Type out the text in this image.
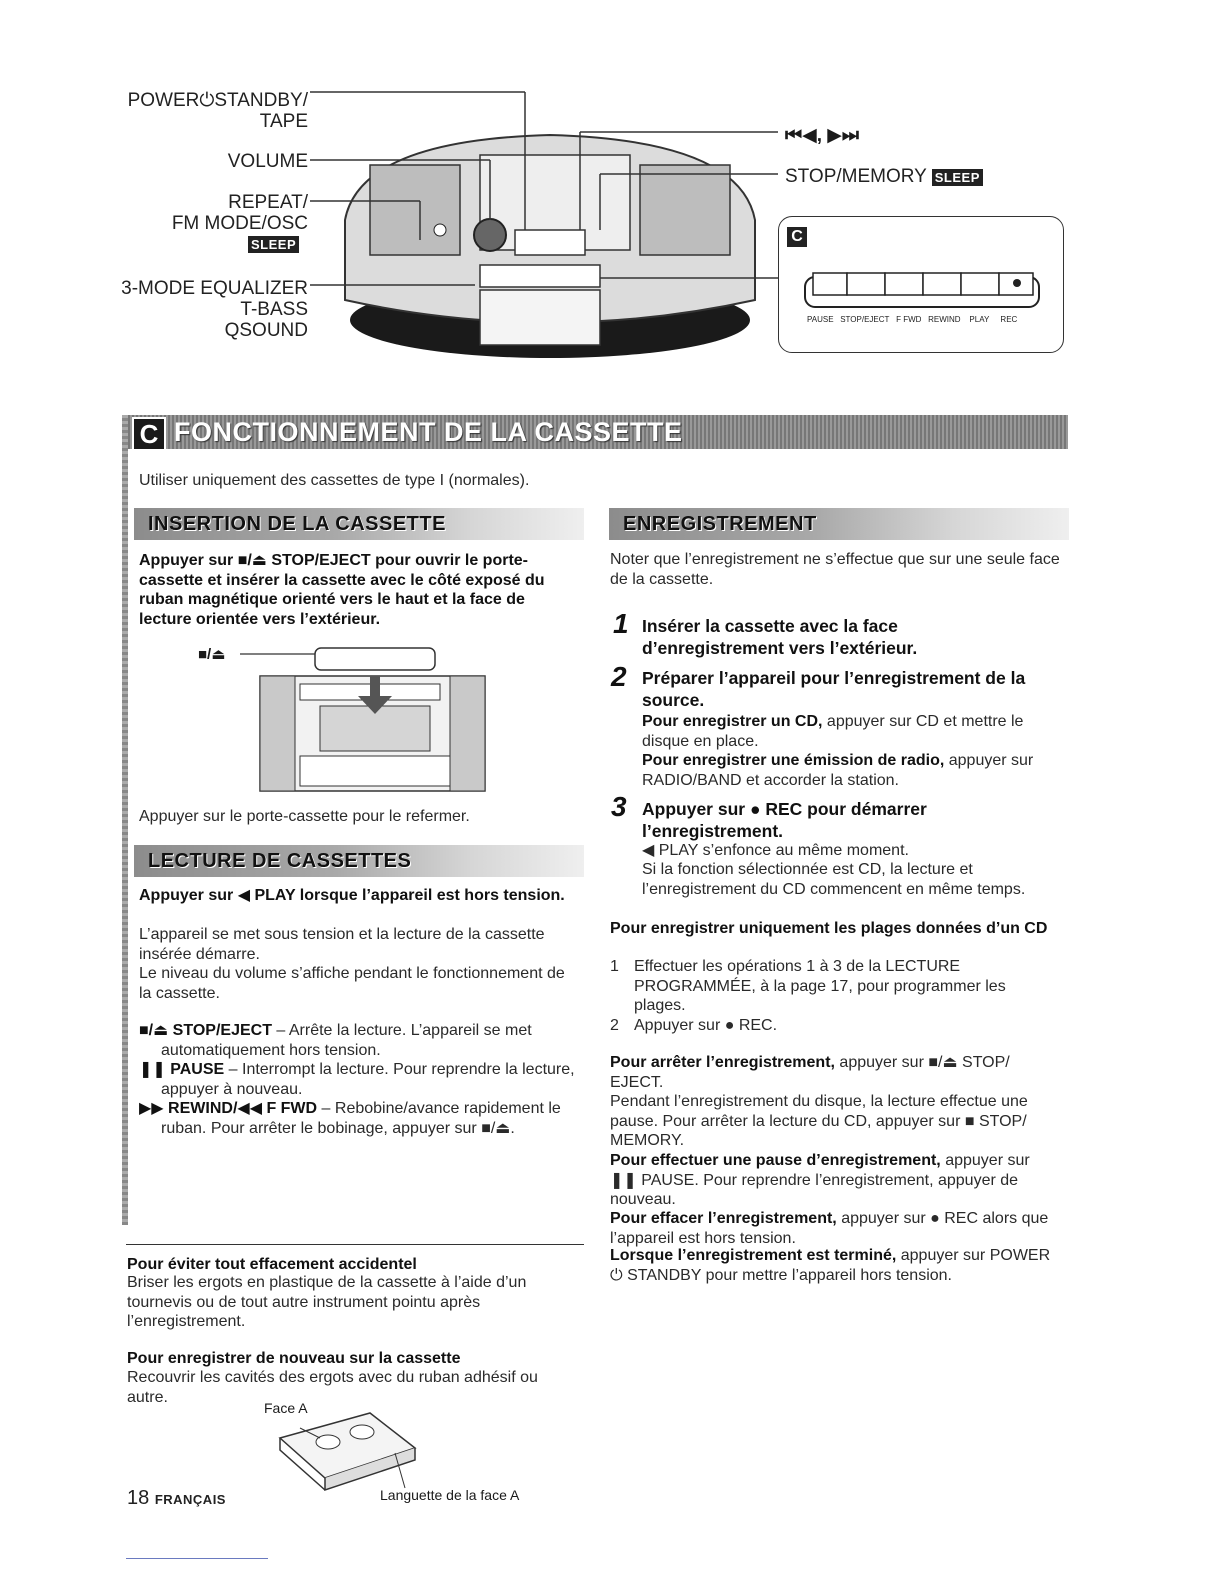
POWER⏻STANDBY/
TAPE
VOLUME
REPEAT/
FM MODE/OSC
SLEEP
3-MODE EQUALIZER
T-BASS
QSOUND
⏮◀, ▶⏭
STOP/MEMORY SLEEP
C
PAUSE STOP/EJECT F FWD REWIND PLAY REC
C FONCTIONNEMENT DE LA CASSETTE
Utiliser uniquement des cassettes de type I (normales).
INSERTION DE LA CASSETTE
Appuyer sur ■/⏏ STOP/EJECT pour ouvrir le porte-cassette et insérer la cassette avec le côté exposé du ruban magnétique orienté vers le haut et la face de lecture orientée vers l’extérieur.
■/⏏
Appuyer sur le porte-cassette pour le refermer.
LECTURE DE CASSETTES
Appuyer sur ◀ PLAY lorsque l’appareil est hors tension.
L’appareil se met sous tension et la lecture de la cassette insérée démarre.
Le niveau du volume s’affiche pendant le fonctionnement de la cassette.
■/⏏ STOP/EJECT – Arrête la lecture. L’appareil se met automatiquement hors tension.
❚❚ PAUSE – Interrompt la lecture. Pour reprendre la lecture, appuyer à nouveau.
▶▶ REWIND/◀◀ F FWD – Rebobine/avance rapidement le ruban. Pour arrêter le bobinage, appuyer sur ■/⏏.
Pour éviter tout effacement accidentel
Briser les ergots en plastique de la cassette à l’aide d’un tournevis ou de tout autre instrument pointu après l’enregistrement.
Pour enregistrer de nouveau sur la cassette
Recouvrir les cavités des ergots avec du ruban adhésif ou autre.
Face A
Languette de la face A
18 FRANÇAIS
ENREGISTREMENT
Noter que l’enregistrement ne s’effectue que sur une seule face de la cassette.
1 Insérer la cassette avec la face d’enregistrement vers l’extérieur.
2 Préparer l’appareil pour l’enregistrement de la source.
Pour enregistrer un CD, appuyer sur CD et mettre le disque en place.
Pour enregistrer une émission de radio, appuyer sur RADIO/BAND et accorder la station.
3 Appuyer sur ● REC pour démarrer l’enregistrement.
◀ PLAY s’enfonce au même moment.
Si la fonction sélectionnée est CD, la lecture et l’enregistrement du CD commencent en même temps.
Pour enregistrer uniquement les plages données d’un CD
1 Effectuer les opérations 1 à 3 de la LECTURE PROGRAMMÉE, à la page 17, pour programmer les plages.
2 Appuyer sur ● REC.
Pour arrêter l’enregistrement, appuyer sur ■/⏏ STOP/ EJECT.
Pendant l’enregistrement du disque, la lecture effectue une pause. Pour arrêter la lecture du CD, appuyer sur ■ STOP/ MEMORY.
Pour effectuer une pause d’enregistrement, appuyer sur ❚❚ PAUSE. Pour reprendre l’enregistrement, appuyer de nouveau.
Pour effacer l’enregistrement, appuyer sur ● REC alors que l’appareil est hors tension.
Lorsque l’enregistrement est terminé, appuyer sur POWER ⏻ STANDBY pour mettre l’appareil hors tension.
